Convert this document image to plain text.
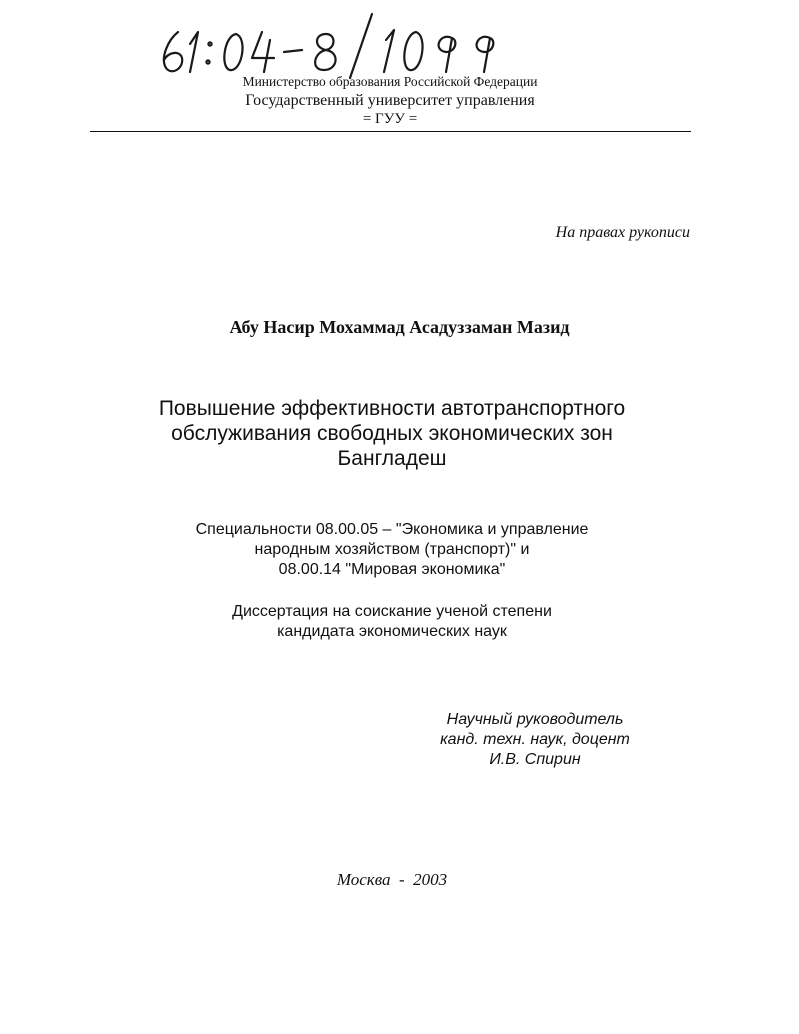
Министерство образования Российской Федерации
Государственный университет управления
= ГУУ =
На правах рукописи
Абу Насир Мохаммад Асадуззаман Мазид
Повышение эффективности автотранспортного
обслуживания свободных экономических зон
Бангладеш
Специальности 08.00.05 – "Экономика и управление
народным хозяйством (транспорт)" и
08.00.14 "Мировая экономика"
Диссертация на соискание ученой степени
кандидата экономических наук
Научный руководитель
канд. техн. наук, доцент
И.В. Спирин
Москва  -  2003
